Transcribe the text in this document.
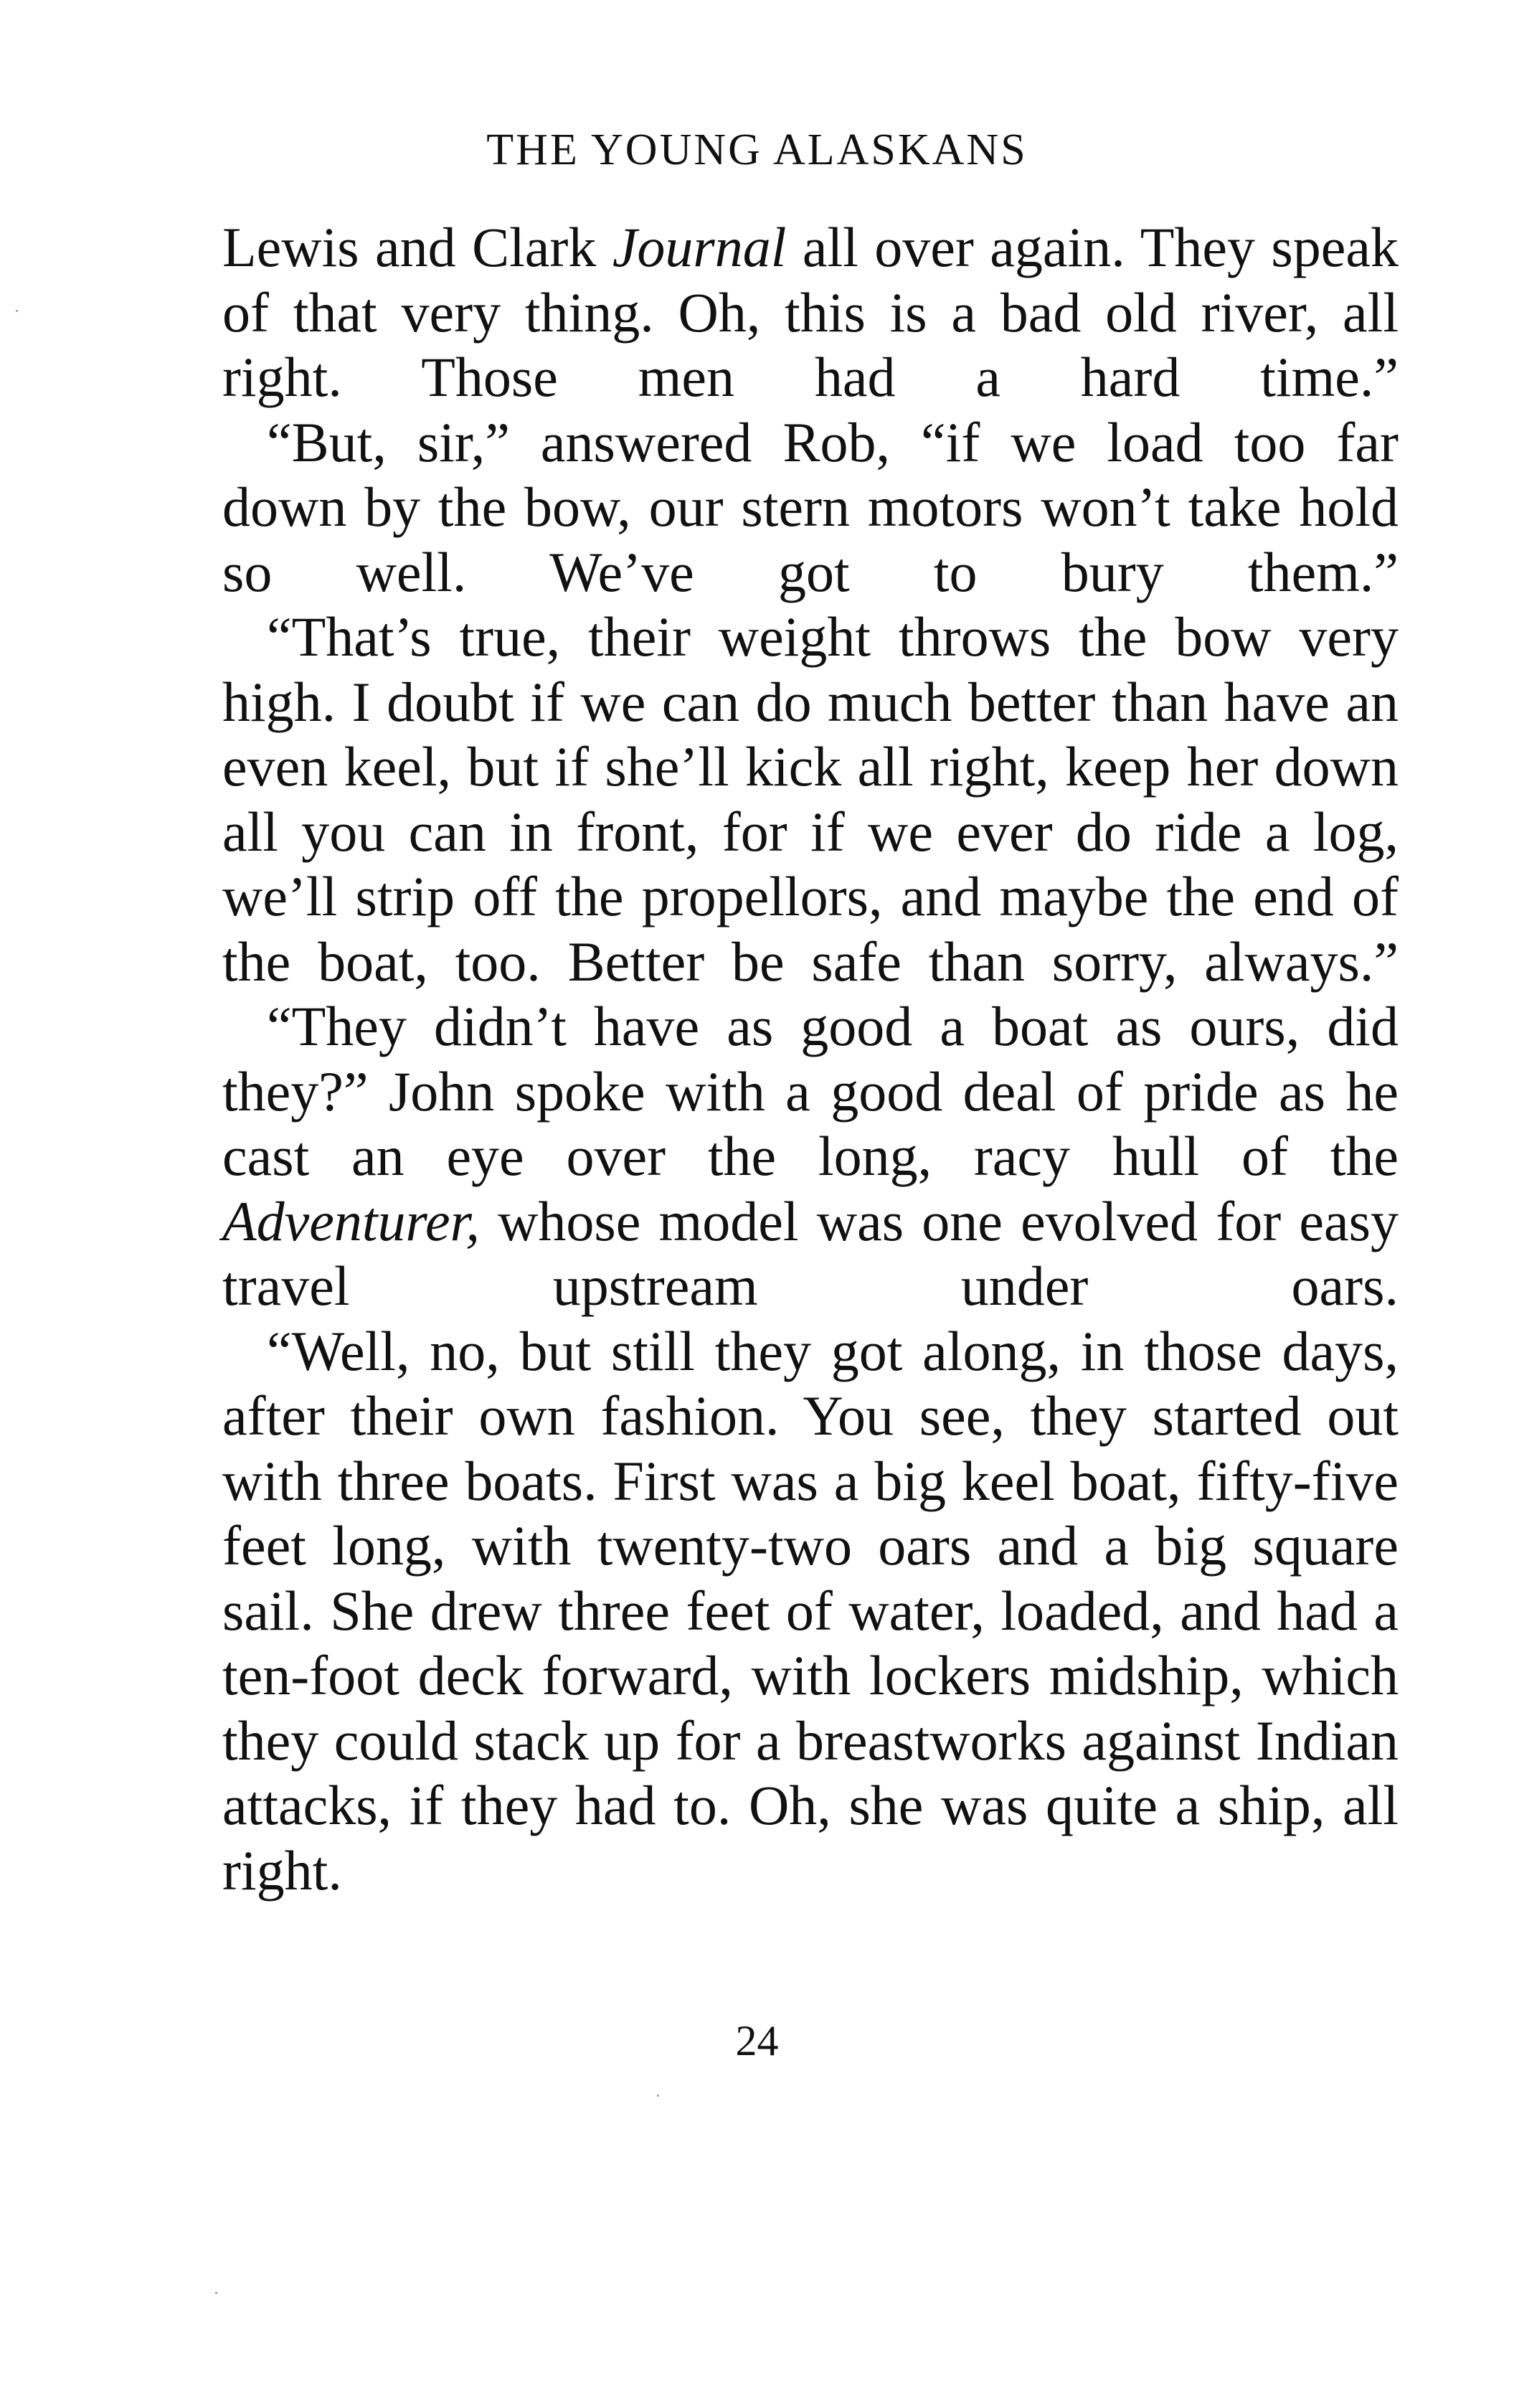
THE YOUNG ALASKANS

Lewis and Clark Journal all over again. They speak of that very thing. Oh, this is a bad old river, all right. Those men had a hard time.”

“But, sir,” answered Rob, “if we load too far down by the bow, our stern motors won’t take hold so well. We’ve got to bury them.”

“That’s true, their weight throws the bow very high. I doubt if we can do much better than have an even keel, but if she’ll kick all right, keep her down all you can in front, for if we ever do ride a log, we’ll strip off the propellors, and maybe the end of the boat, too. Better be safe than sorry, always.”

“They didn’t have as good a boat as ours, did they?” John spoke with a good deal of pride as he cast an eye over the long, racy hull of the Adventurer, whose model was one evolved for easy travel upstream under oars.

“Well, no, but still they got along, in those days, after their own fashion. You see, they started out with three boats. First was a big keel boat, fifty-five feet long, with twenty-two oars and a big square sail. She drew three feet of water, loaded, and had a ten-foot deck forward, with lockers midship, which they could stack up for a breastworks against Indian attacks, if they had to. Oh, she was quite a ship, all right.

24
